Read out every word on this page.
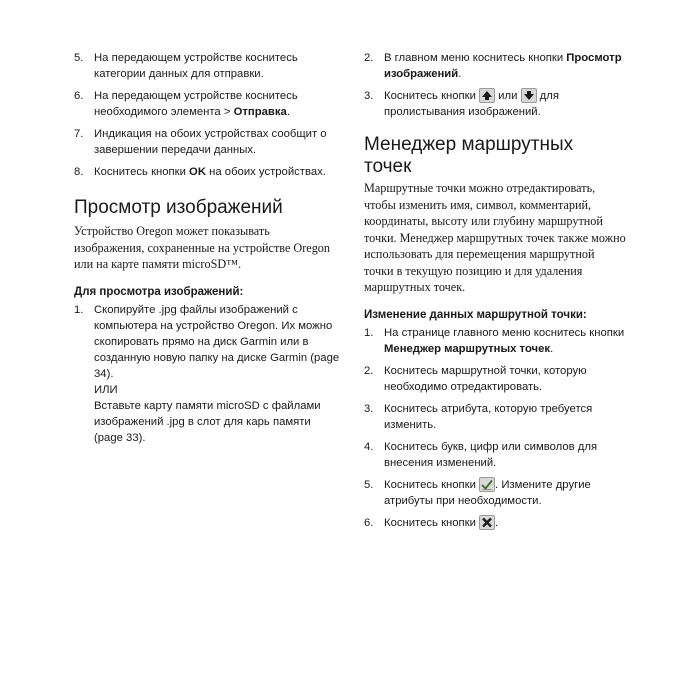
5. На передающем устройстве коснитесь категории данных для отправки.
6. На передающем устройстве коснитесь необходимого элемента > Отправка.
7. Индикация на обоих устройствах сообщит о завершении передачи данных.
8. Коснитесь кнопки OK на обоих устройствах.
Просмотр изображений
Устройство Oregon может показывать изображения, сохраненные на устройстве Oregon или на карте памяти microSD™.
Для просмотра изображений:
1. Скопируйте .jpg файлы изображений с компьютера на устройство Oregon. Их можно скопировать прямо на диск Garmin или в созданную новую папку на диске Garmin (page 34).
ИЛИ
Вставьте карту памяти microSD с файлами изображений .jpg в слот для карь памяти (page 33).
2. В главном меню коснитесь кнопки Просмотр изображений.
3. Коснитесь кнопки
или
для пролистывания изображений.
Менеджер маршрутных точек
Маршрутные точки можно отредактировать, чтобы изменить имя, символ, комментарий, координаты, высоту или глубину маршрутной точки. Менеджер маршрутных точек также можно использовать для перемещения маршрутной точки в текущую позицию и для удаления маршрутных точек.
Изменение данных маршрутной точки:
1. На странице главного меню коснитесь кнопки Менеджер маршрутных точек.
2. Коснитесь маршрутной точки, которую необходимо отредактировать.
3. Коснитесь атрибута, которую требуется изменить.
4. Коснитесь букв, цифр или символов для внесения изменений.
5. Коснитесь кнопки
. Измените другие атрибуты при необходимости.
6. Коснитесь кнопки
.
